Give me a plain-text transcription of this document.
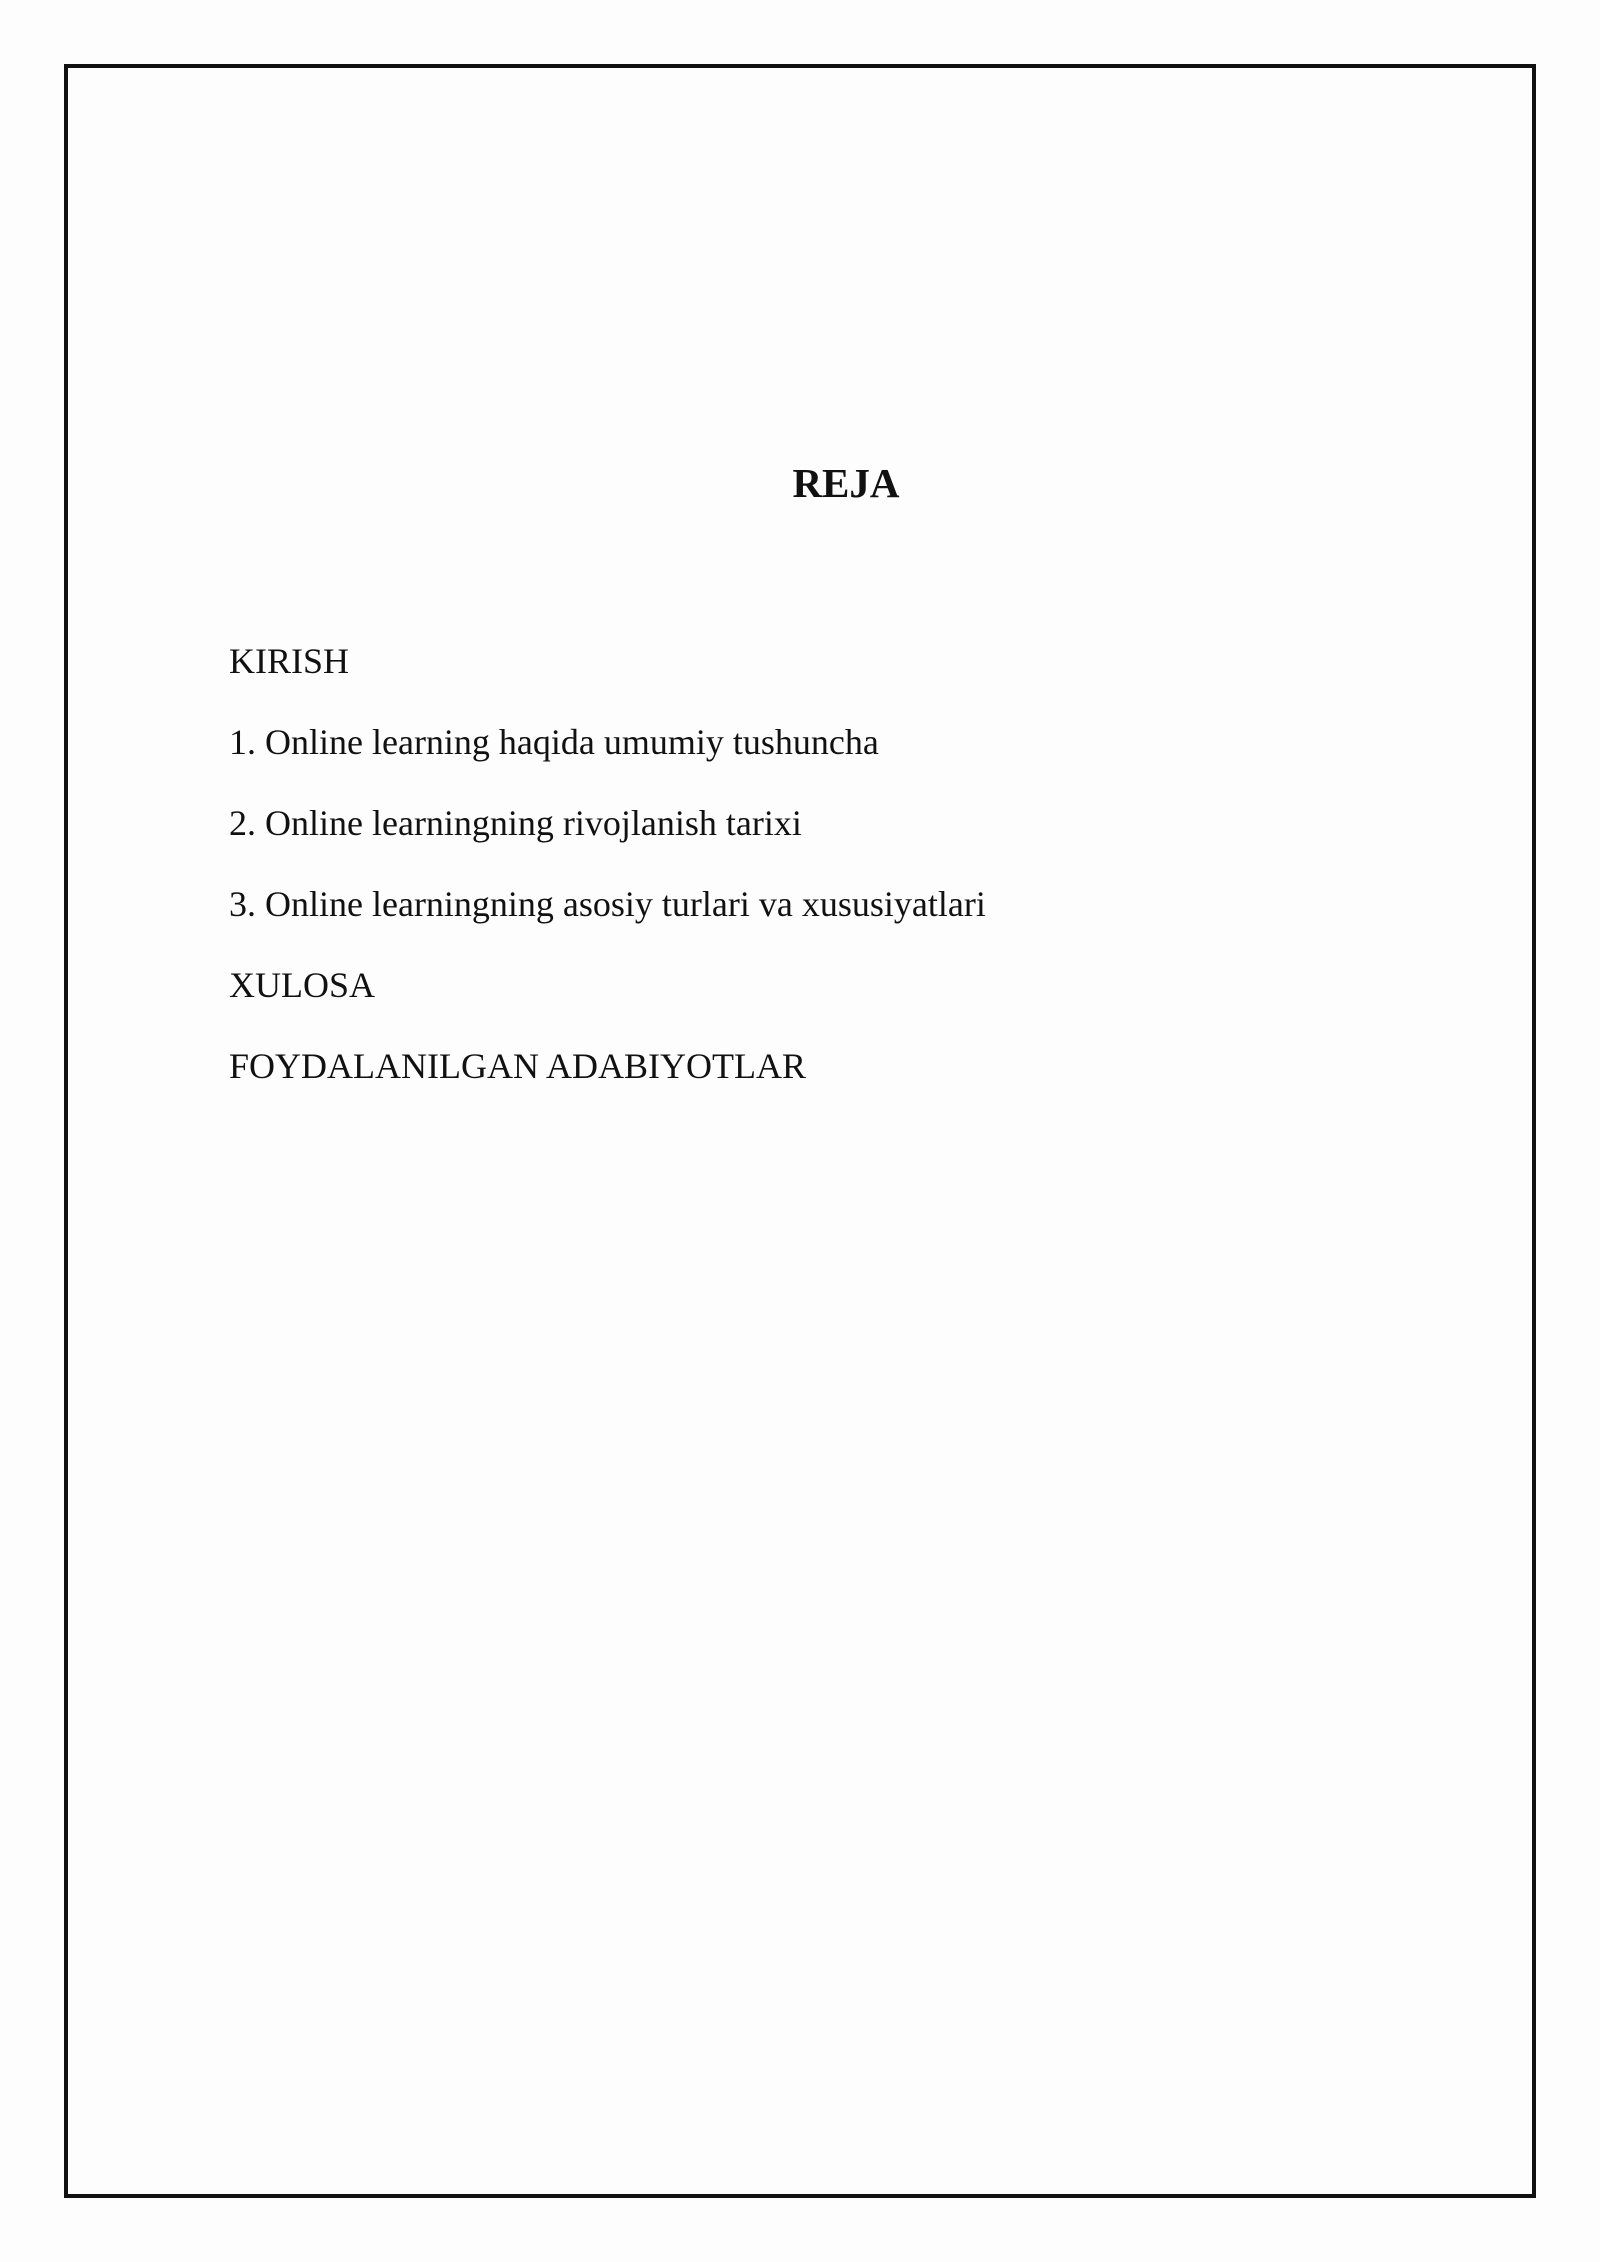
REJA
KIRISH
1. Online learning haqida umumiy tushuncha
2. Online learningning rivojlanish tarixi
3. Online learningning asosiy turlari va xususiyatlari
XULOSA
FOYDALANILGAN ADABIYOTLAR
